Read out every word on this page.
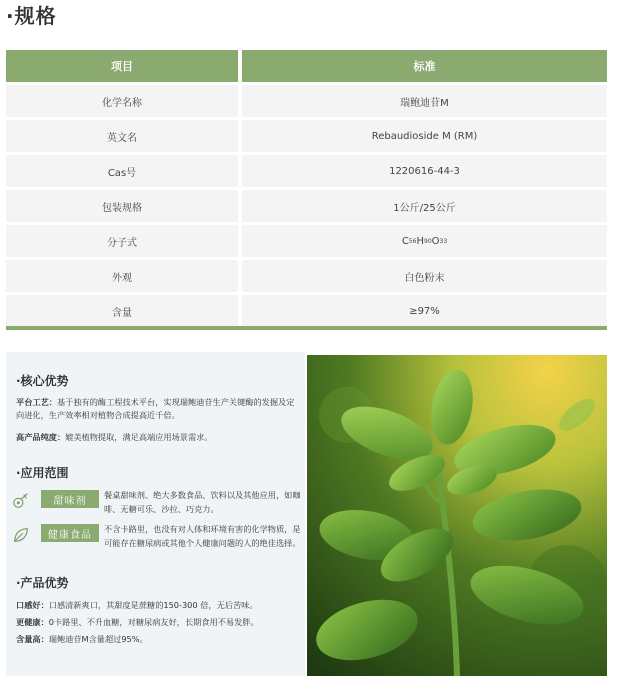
·规格
项目	标准
化学名称	瑞鲍迪苷M
英文名	Rebaudioside M (RM)
Cas号	1220616-44-3
包装规格	1公斤/25公斤
分子式	C 56 H 90 O 33
外观	白色粉末
含量	≥97%
·核心优势
平台工艺：基于独有的酶工程技术平台，实现瑞鲍迪苷生产关键酶的发掘及定向进化，生产效率相对植物合成提高近千倍。
高产品纯度：媲美植物提取，满足高端应用场景需求。
·应用范围
甜味剂
餐桌甜味剂、绝大多数食品、饮料以及其他应用，如咖啡、无糖可乐、沙拉、巧克力。
健康食品
不含卡路里，也没有对人体和环境有害的化学物质，是可能存在糖尿病或其他个人健康问题的人的绝佳选择。
·产品优势
口感好：口感清新爽口，其甜度是蔗糖的150-300 倍，无后苦味。
更健康：0卡路里、不升血糖，对糖尿病友好，长期食用不易发胖。
含量高：瑞鲍迪苷M含量超过95%。
